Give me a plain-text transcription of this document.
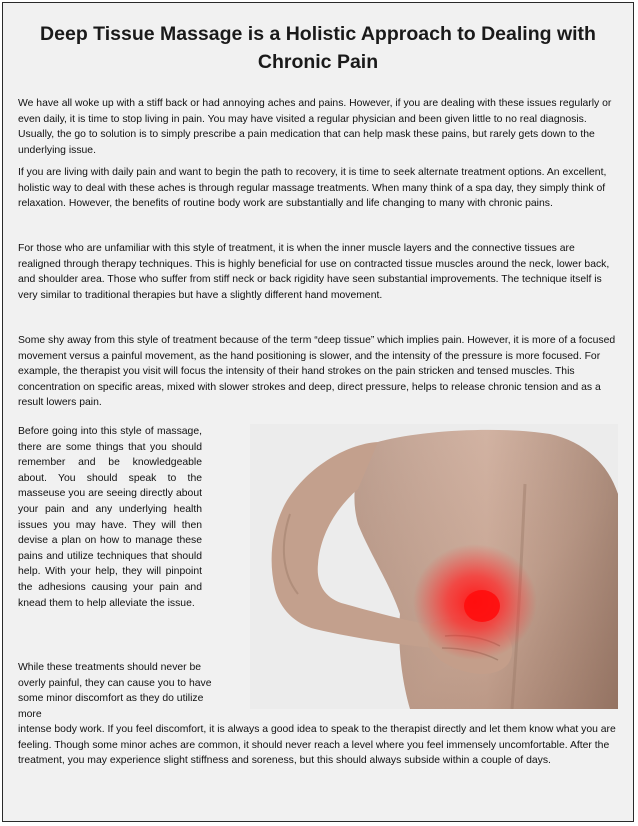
Deep Tissue Massage is a Holistic Approach to Dealing with Chronic Pain

We have all woke up with a stiff back or had annoying aches and pains. However, if you are dealing with these issues regularly or even daily, it is time to stop living in pain. You may have visited a regular physician and been given little to no real diagnosis. Usually, the go to solution is to simply prescribe a pain medication that can help mask these pains, but rarely gets down to the underlying issue.

If you are living with daily pain and want to begin the path to recovery, it is time to seek alternate treatment options. An excellent, holistic way to deal with these aches is through regular massage treatments. When many think of a spa day, they simply think of relaxation. However, the benefits of routine body work are substantially and life changing to many with chronic pains.

For those who are unfamiliar with this style of treatment, it is when the inner muscle layers and the connective tissues are realigned through therapy techniques. This is highly beneficial for use on contracted tissue muscles around the neck, lower back, and shoulder area. Those who suffer from stiff neck or back rigidity have seen substantial improvements. The technique itself is very similar to traditional therapies but have a slightly different hand movement.

Some shy away from this style of treatment because of the term “deep tissue” which implies pain. However, it is more of a focused movement versus a painful movement, as the hand positioning is slower, and the intensity of the pressure is more focused. For example, the therapist you visit will focus the intensity of their hand strokes on the pain stricken and tensed muscles. This concentration on specific areas, mixed with slower strokes and deep, direct pressure, helps to release chronic tension and as a result lowers pain.

Before going into this style of massage, there are some things that you should remember and be knowledgeable about. You should speak to the masseuse you are seeing directly about your pain and any underlying health issues you may have. They will then devise a plan on how to manage these pains and utilize techniques that should help. With your help, they will pinpoint the adhesions causing your pain and knead them to help alleviate the issue.

While these treatments should never be overly painful, they can cause you to have some minor discomfort as they do utilize more

intense body work. If you feel discomfort, it is always a good idea to speak to the therapist directly and let them know what you are feeling. Though some minor aches are common, it should never reach a level where you feel immensely uncomfortable. After the treatment, you may experience slight stiffness and soreness, but this should always subside within a couple of days.
